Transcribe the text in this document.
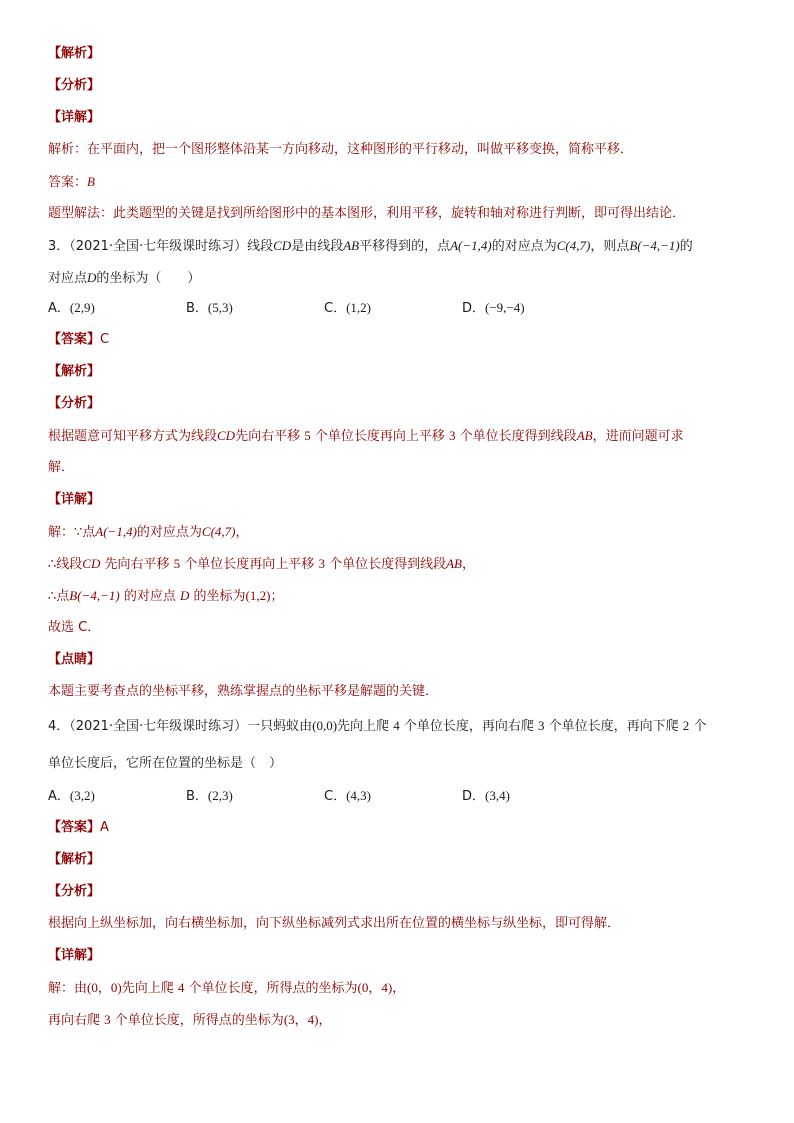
【解析】
【分析】
【详解】
解析：在平面内，把一个图形整体沿某一方向移动，这种图形的平行移动，叫做平移变换，简称平移．
答案：B
题型解法：此类题型的关键是找到所给图形中的基本图形，利用平移，旋转和轴对称进行判断，即可得出结论．
3．（2021·全国·七年级课时练习）线段CD是由线段AB平移得到的，点A(−1,4)的对应点为C(4,7)，则点B(−4,−1)的
对应点D的坐标为（　　）
A．(2,9)	B．(5,3)	C．(1,2)	D．(−9,−4)
【答案】C
【解析】
【分析】
根据题意可知平移方式为线段CD先向右平移 5 个单位长度再向上平移 3 个单位长度得到线段AB，进而问题可求
解．
【详解】
解：∵点A(−1,4)的对应点为C(4,7)，
∴线段CD 先向右平移 5 个单位长度再向上平移 3 个单位长度得到线段AB，
∴点B(−4,−1) 的对应点 D 的坐标为(1,2)；
故选 C．
【点睛】
本题主要考查点的坐标平移，熟练掌握点的坐标平移是解题的关键．
4．（2021·全国·七年级课时练习）一只蚂蚁由(0,0)先向上爬 4 个单位长度，再向右爬 3 个单位长度，再向下爬 2 个
单位长度后，它所在位置的坐标是（　）
A．(3,2)	B．(2,3)	C．(4,3)	D．(3,4)
【答案】A
【解析】
【分析】
根据向上纵坐标加，向右横坐标加，向下纵坐标减列式求出所在位置的横坐标与纵坐标，即可得解．
【详解】
解：由(0，0)先向上爬 4 个单位长度，所得点的坐标为(0，4)，
再向右爬 3 个单位长度，所得点的坐标为(3，4)，
